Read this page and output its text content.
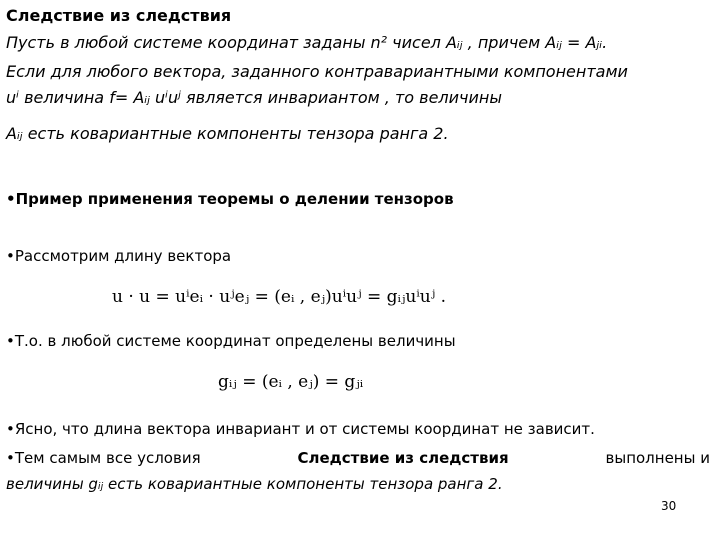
Следствие из следствия
Пусть в любой системе координат заданы n² чисел Aᵢⱼ , причем Aᵢⱼ = Aⱼᵢ.
Если для любого вектора, заданного контравариантными компонентами
uⁱ величина f= Aᵢⱼ uⁱuʲ является инвариантом , то величины
Aᵢⱼ есть ковариантные компоненты тензора ранга 2.
•Пример применения теоремы о делении тензоров
•Рассмотрим длину вектора
u · u = uⁱeᵢ · uʲeⱼ = (eᵢ , eⱼ)uⁱuʲ = gᵢⱼuⁱuʲ .
•Т.о. в любой системе координат определены величины
gᵢⱼ = (eᵢ , eⱼ) = gⱼᵢ
•Ясно, что длина вектора инвариант и от системы координат не зависит.
•Тем самым все условия	Следствие из следствия	выполнены и
величины gᵢⱼ есть ковариантные компоненты тензора ранга 2.
30
